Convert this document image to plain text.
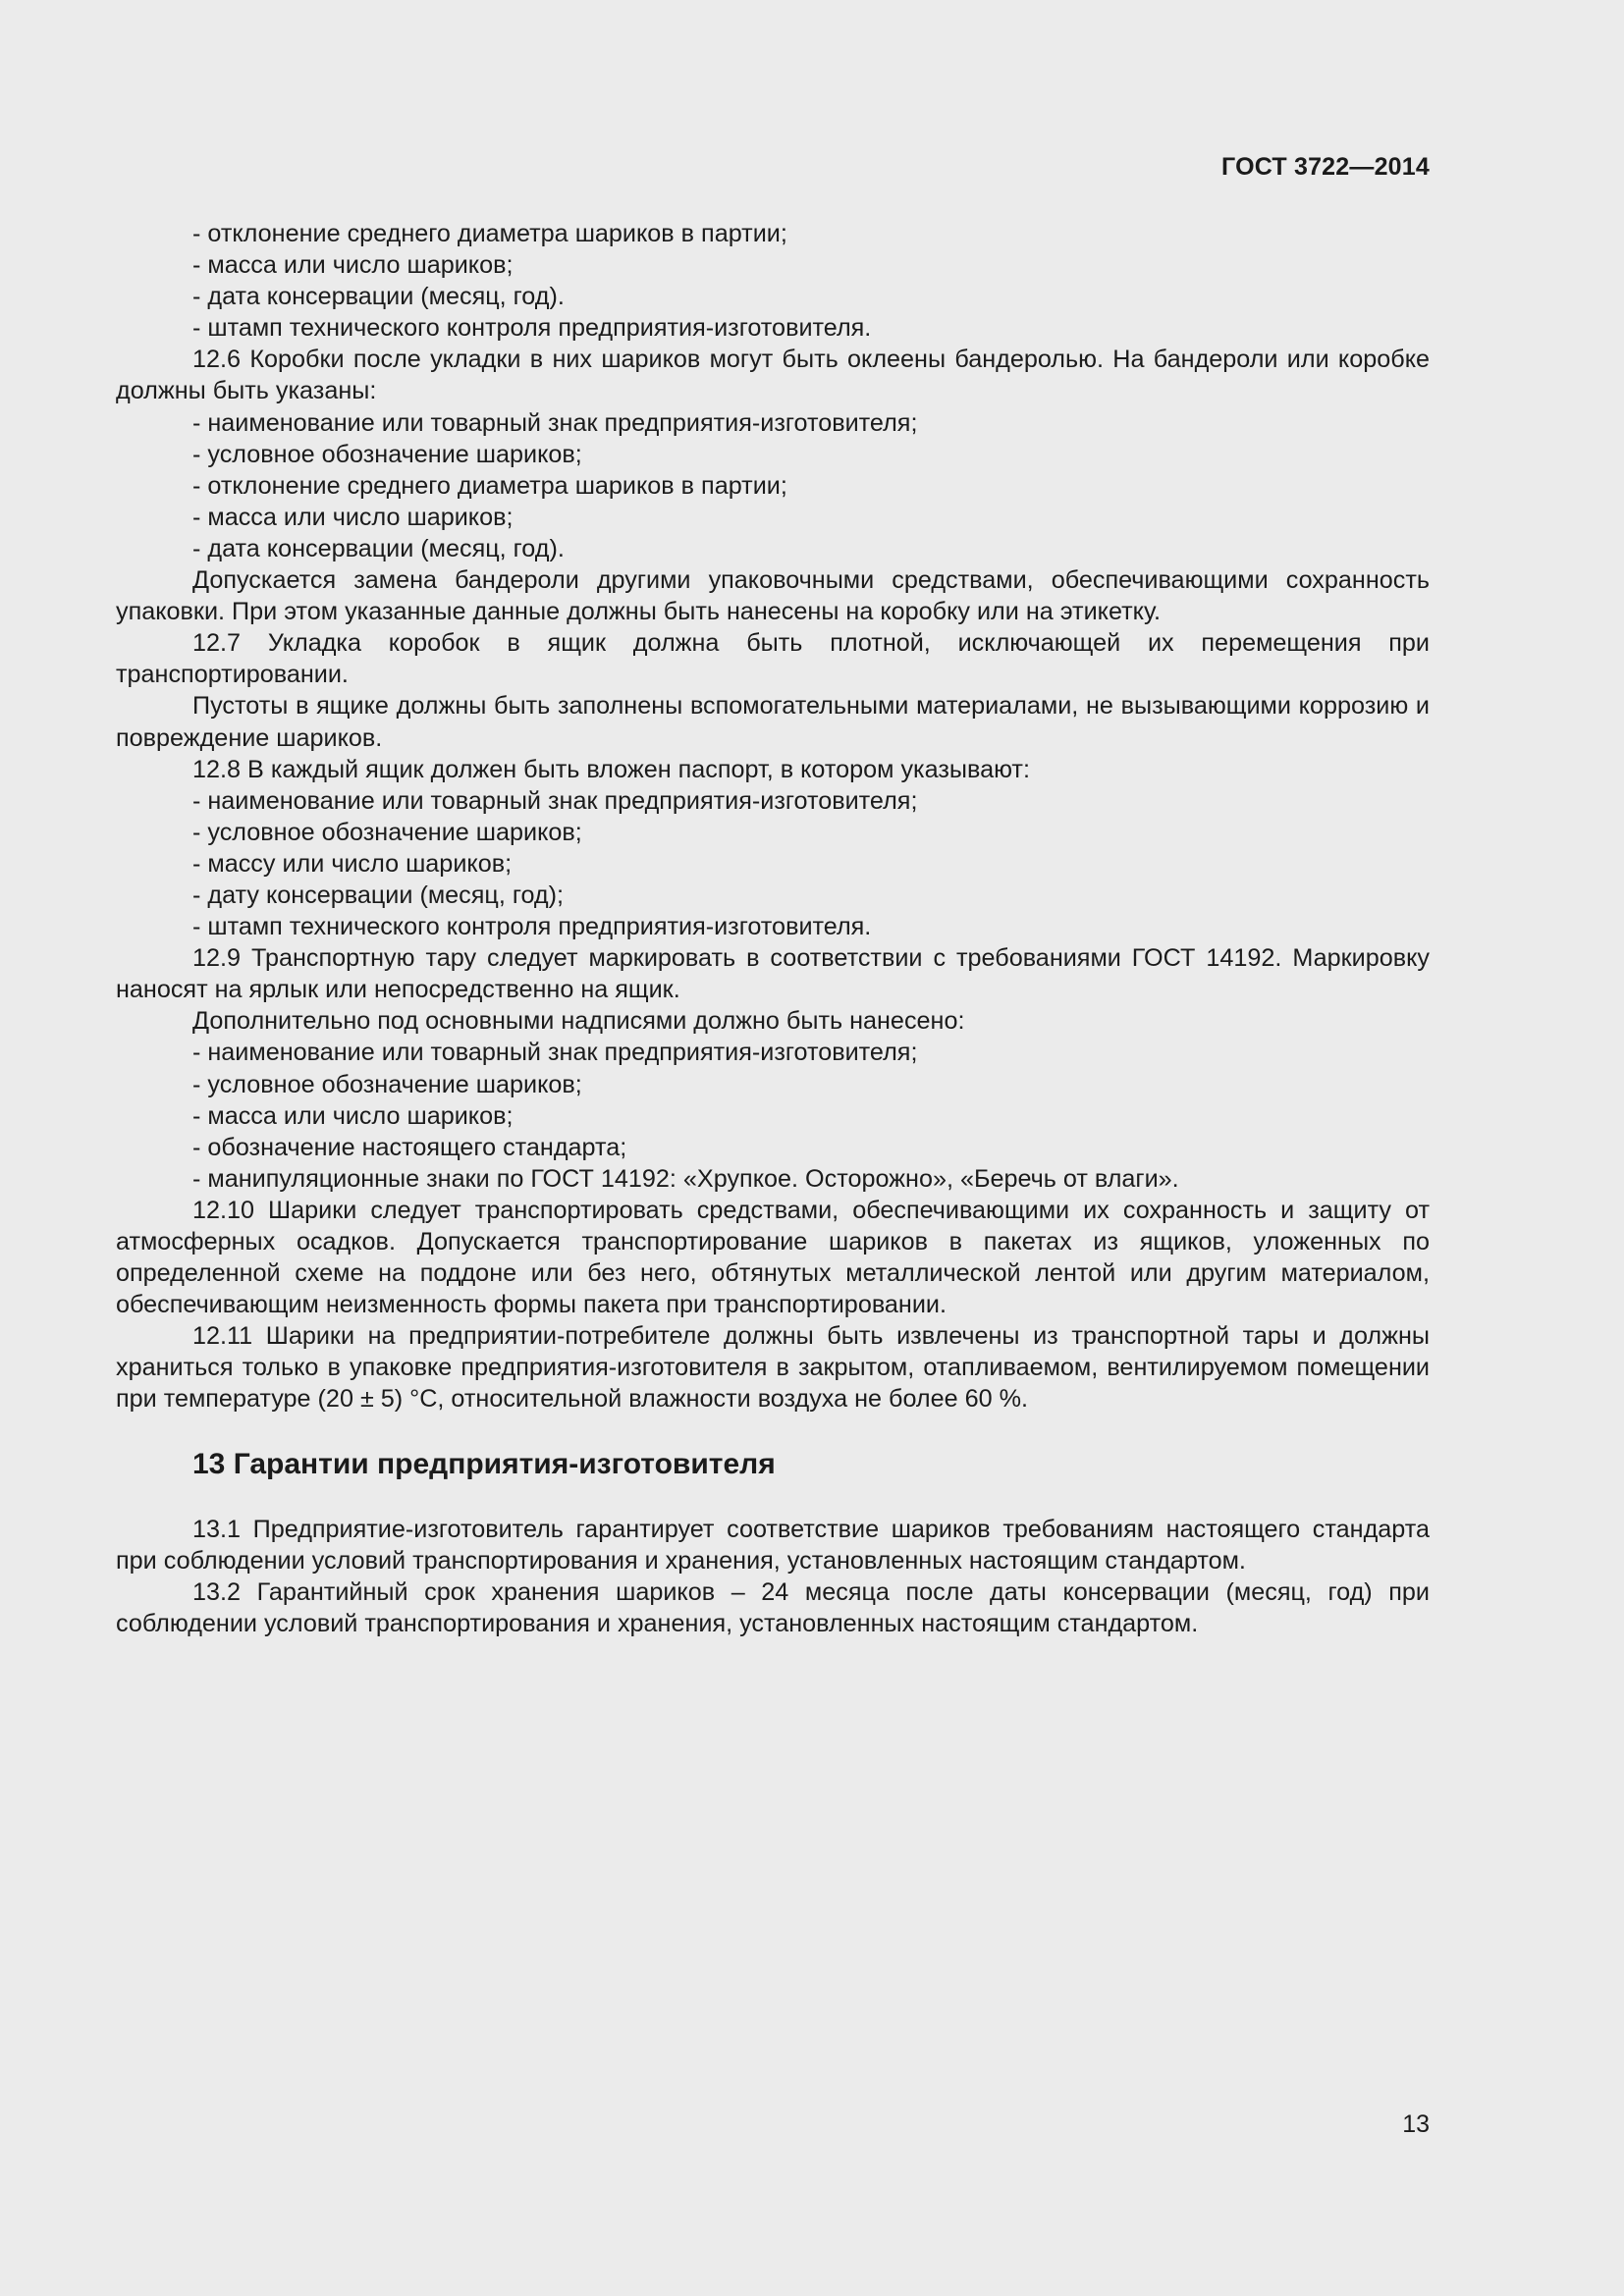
ГОСТ 3722—2014

- отклонение среднего диаметра шариков в партии;

- масса или число шариков;

- дата консервации (месяц, год).

- штамп технического контроля предприятия-изготовителя.

12.6 Коробки после укладки в них шариков могут быть оклеены бандеролью. На бандероли или коробке должны быть указаны:

- наименование или товарный знак предприятия-изготовителя;

- условное обозначение шариков;

- отклонение среднего диаметра шариков в партии;

- масса или число шариков;

- дата консервации (месяц, год).

Допускается замена бандероли другими упаковочными средствами, обеспечивающими сохранность упаковки. При этом указанные данные должны быть нанесены на коробку или на этикетку.

12.7 Укладка коробок в ящик должна быть плотной, исключающей их перемещения при транспортировании.

Пустоты в ящике должны быть заполнены вспомогательными материалами, не вызывающими коррозию и повреждение шариков.

12.8 В каждый ящик должен быть вложен паспорт, в котором указывают:

- наименование или товарный знак предприятия-изготовителя;

- условное обозначение шариков;

- массу или число шариков;

- дату консервации (месяц, год);

- штамп технического контроля предприятия-изготовителя.

12.9 Транспортную тару следует маркировать в соответствии с требованиями ГОСТ 14192. Маркировку наносят на ярлык или непосредственно на ящик.

Дополнительно под основными надписями должно быть нанесено:

- наименование или товарный знак предприятия-изготовителя;

- условное обозначение шариков;

- масса или число шариков;

- обозначение настоящего стандарта;

- манипуляционные знаки по ГОСТ 14192: «Хрупкое. Осторожно», «Беречь от влаги».

12.10 Шарики следует транспортировать средствами, обеспечивающими их сохранность и защиту от атмосферных осадков. Допускается транспортирование шариков в пакетах из ящиков, уложенных по определенной схеме на поддоне или без него, обтянутых металлической лентой или другим материалом, обеспечивающим неизменность формы пакета при транспортировании.

12.11 Шарики на предприятии-потребителе должны быть извлечены из транспортной тары и должны храниться только в упаковке предприятия-изготовителя в закрытом, отапливаемом, вентилируемом помещении при температуре (20 ± 5) °С, относительной влажности воздуха не более 60 %.

13 Гарантии предприятия-изготовителя

13.1 Предприятие-изготовитель гарантирует соответствие шариков требованиям настоящего стандарта при соблюдении условий транспортирования и хранения, установленных настоящим стандартом.

13.2 Гарантийный срок хранения шариков – 24 месяца после даты консервации (месяц, год) при соблюдении условий транспортирования и хранения, установленных настоящим стандартом.

13
